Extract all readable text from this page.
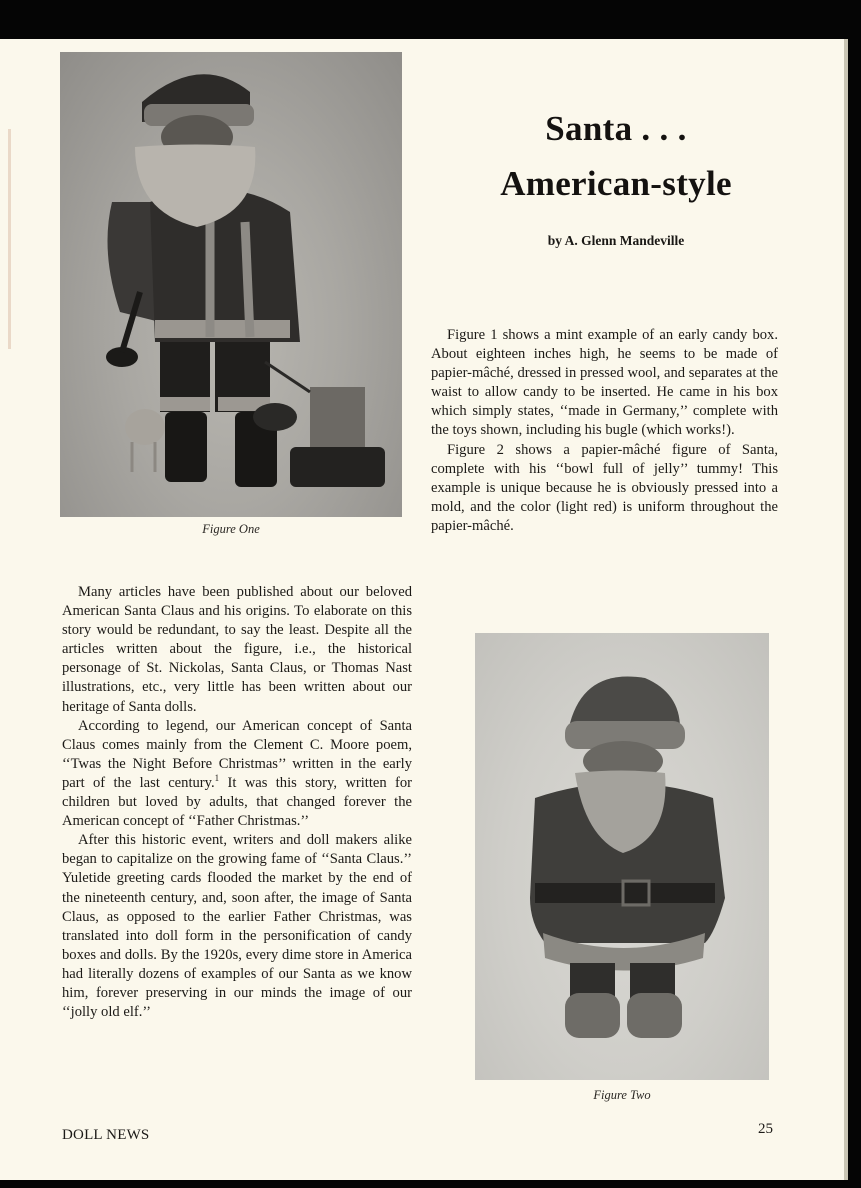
Figure One
Santa . . .
American-style
by A. Glenn Mandeville

Figure 1 shows a mint example of an early candy box. About eighteen inches high, he seems to be made of papier-mâché, dressed in pressed wool, and separates at the waist to allow candy to be inserted. He came in his box which simply states, ‘‘made in Germany,’’ complete with the toys shown, including his bugle (which works!).

Figure 2 shows a papier-mâché figure of Santa, complete with his ‘‘bowl full of jelly’’ tummy! This example is unique because he is obviously pressed into a mold, and the color (light red) is uniform throughout the papier-mâché.

Figure Two

Many articles have been published about our beloved American Santa Claus and his origins. To elaborate on this story would be redundant, to say the least. Despite all the articles written about the figure, i.e., the historical personage of St. Nickolas, Santa Claus, or Thomas Nast illustrations, etc., very little has been written about our heritage of Santa dolls.

According to legend, our American concept of Santa Claus comes mainly from the Clement C. Moore poem, ‘‘Twas the Night Before Christmas’’ written in the early part of the last century.$^1$ It was this story, written for children but loved by adults, that changed forever the American concept of ‘‘Father Christmas.’’

After this historic event, writers and doll makers alike began to capitalize on the growing fame of ‘‘Santa Claus.’’ Yuletide greeting cards flooded the market by the end of the nineteenth century, and, soon after, the image of Santa Claus, as opposed to the earlier Father Christmas, was translated into doll form in the personification of candy boxes and dolls. By the 1920s, every dime store in America had literally dozens of examples of our Santa as we know him, forever preserving in our minds the image of our ‘‘jolly old elf.’’

DOLL NEWS	25
